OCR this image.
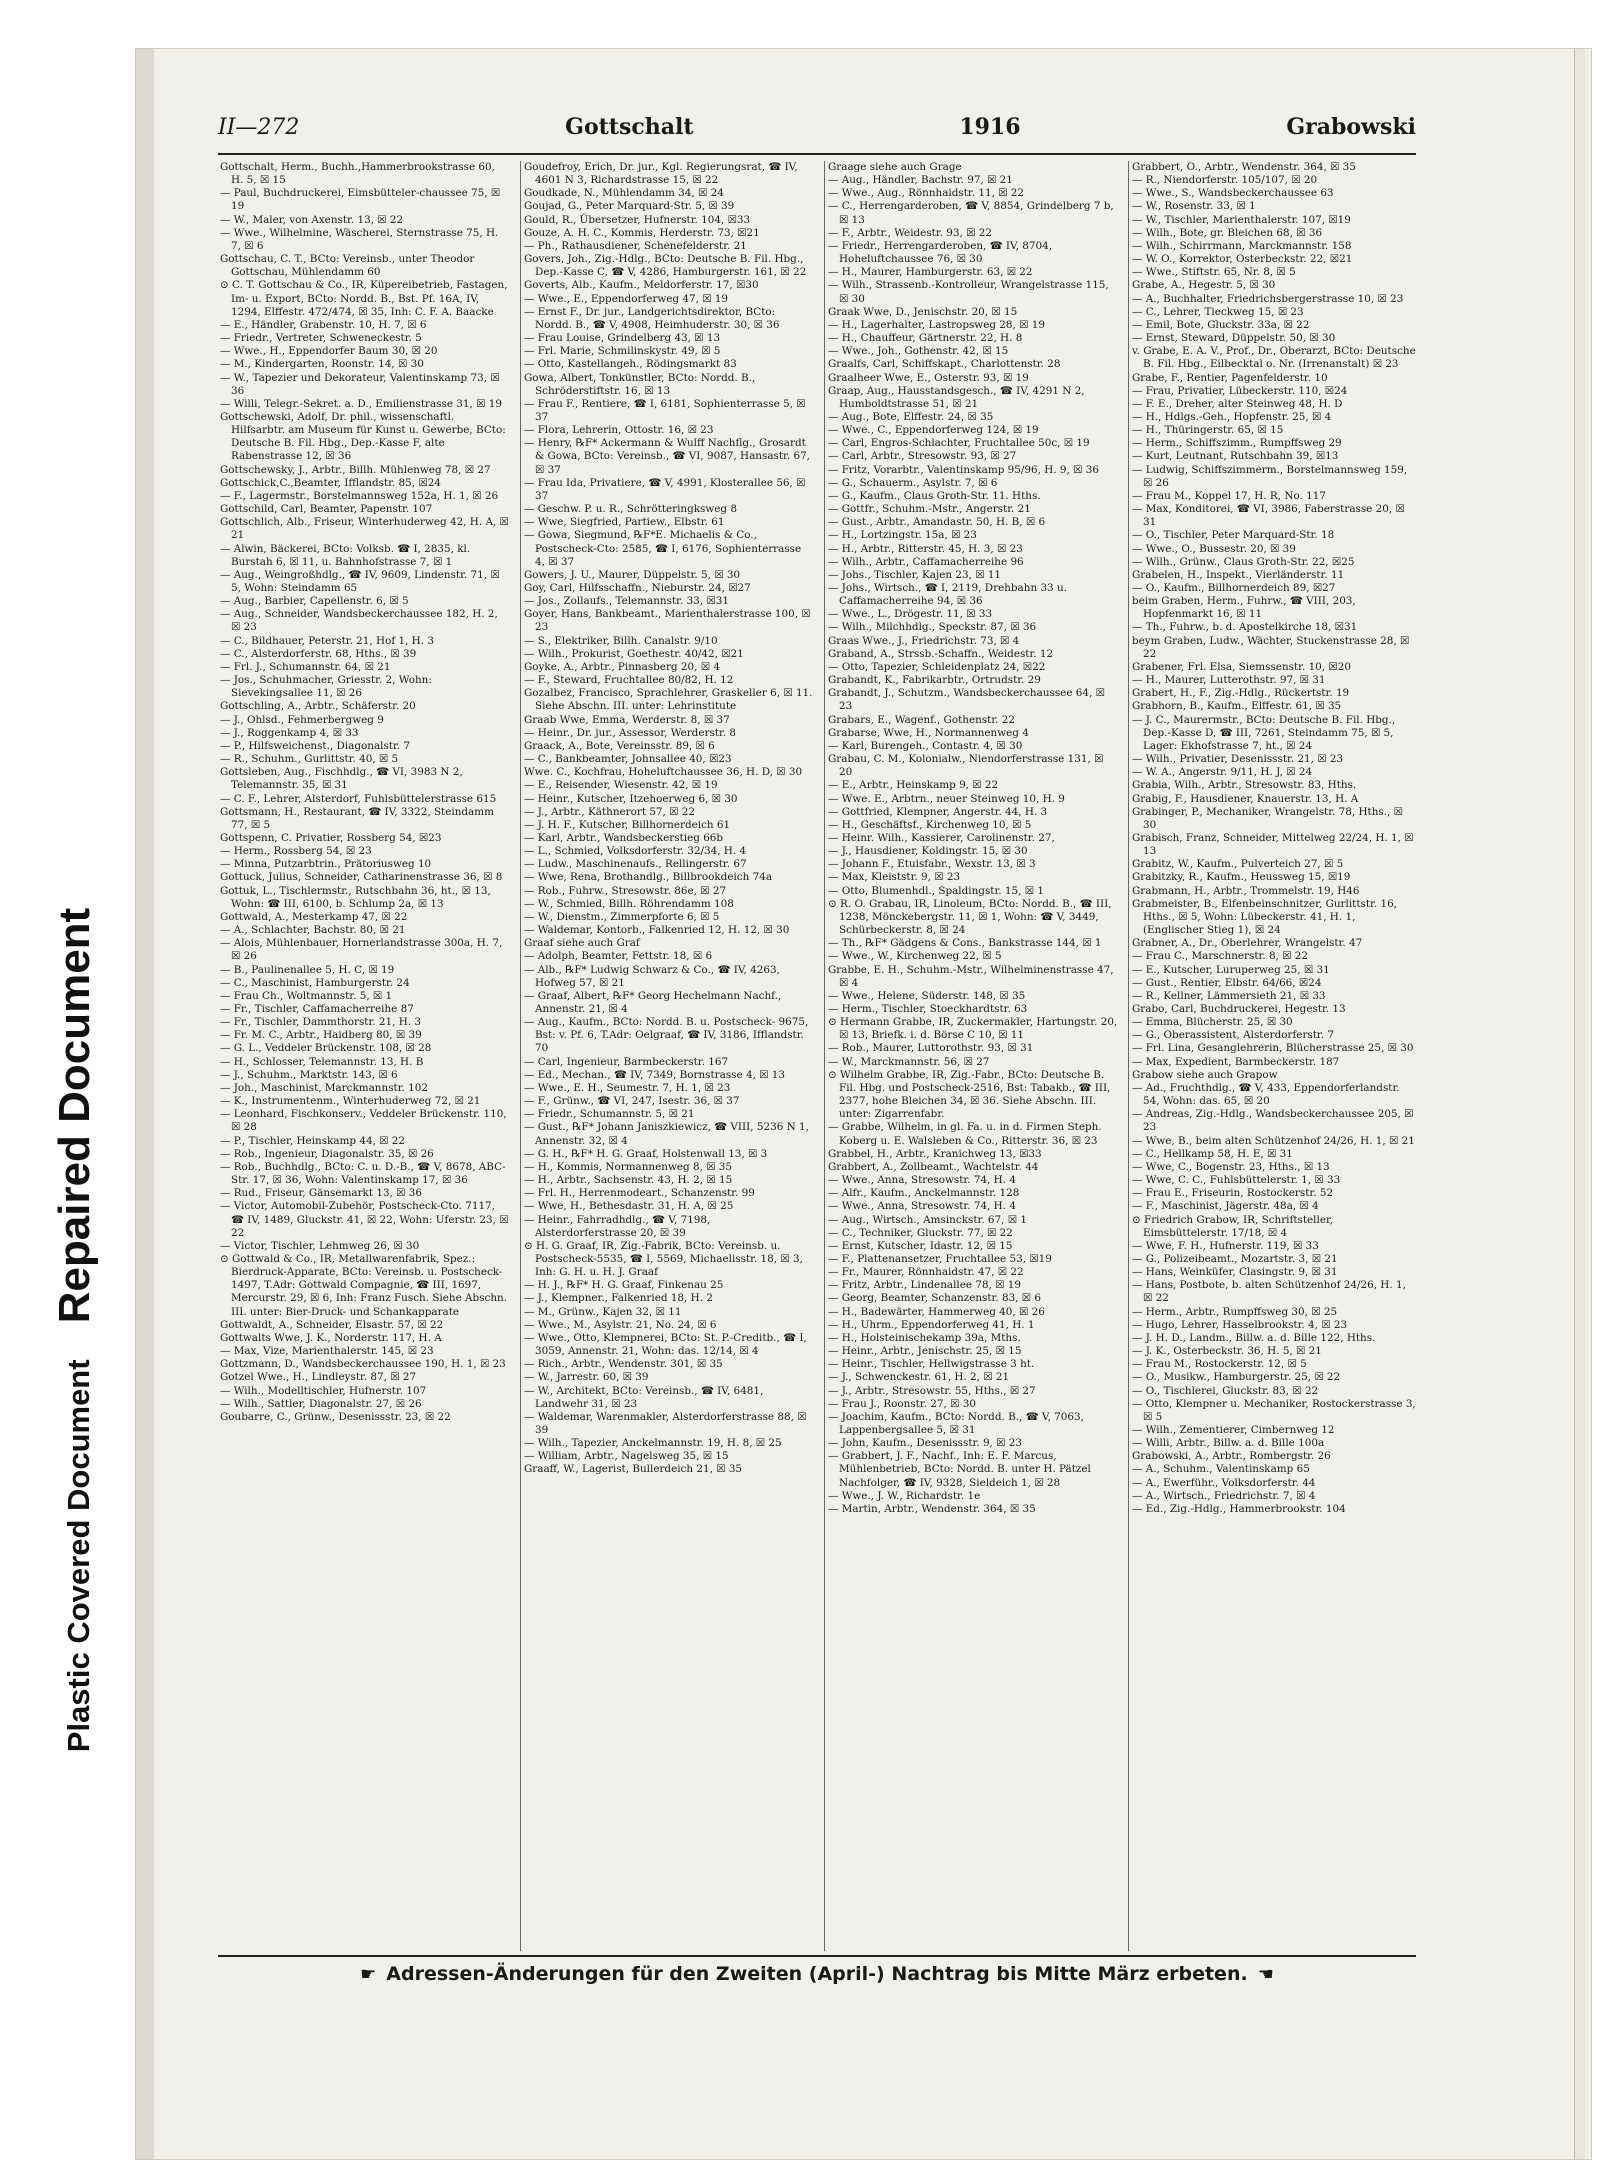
Plastic Covered DocumentRepaired Document
II—272	Gottschalt	1916	Grabowski

Gottschalt, Herm., Buchh.,Hammerbrookstrasse 60, H. 5, ☒ 15

— Paul, Buchdruckerei, Eimsbütteler-chaussee 75, ☒ 19

— W., Maler, von Axenstr. 13, ☒ 22

— Wwe., Wilhelmine, Wäscherei, Sternstrasse 75, H. 7, ☒ 6

Gottschau, C. T., BCto: Vereinsb., unter Theodor Gottschau, Mühlendamm 60

⊙ C. T. Gottschau & Co., IR, Küpereibetrieb, Fastagen, Im- u. Export, BCto: Nordd. B., Bst. Pf. 16A, IV, 1294, Elffestr. 472/474, ☒ 35, Inh: C. F. A. Baacke

— E., Händler, Grabenstr. 10, H. 7, ☒ 6

— Friedr., Vertreter, Schweneckestr. 5

— Wwe., H., Eppendorfer Baum 30, ☒ 20

— M., Kindergarten, Roonstr. 14, ☒ 30

— W., Tapezier und Dekorateur, Valentinskamp 73, ☒ 36

— Willi, Telegr.-Sekret. a. D., Emilienstrasse 31, ☒ 19

Gottschewski, Adolf, Dr. phil., wissenschaftl. Hilfsarbtr. am Museum für Kunst u. Gewerbe, BCto: Deutsche B. Fil. Hbg., Dep.-Kasse F, alte Rabenstrasse 12, ☒ 36

Gottschewsky, J., Arbtr., Billh. Mühlenweg 78, ☒ 27

Gottschick,C.,Beamter, Ifflandstr. 85, ☒24

— F., Lagermstr., Borstelmannsweg 152a, H. 1, ☒ 26

Gottschild, Carl, Beamter, Papenstr. 107

Gottschlich, Alb., Friseur, Winterhuderweg 42, H. A, ☒ 21

— Alwin, Bäckerei, BCto: Volksb. ☎ I, 2835, kl. Burstah 6, ☒ 11, u. Bahnhofstrasse 7, ☒ 1

— Aug., Weingroßhdlg., ☎ IV, 9609, Lindenstr. 71, ☒ 5, Wohn: Steindamm 65

— Aug., Barbier, Capellenstr. 6, ☒ 5

— Aug., Schneider, Wandsbeckerchaussee 182, H. 2, ☒ 23

— C., Bildhauer, Peterstr. 21, Hof 1, H. 3

— C., Alsterdorferstr. 68, Hths., ☒ 39

— Frl. J., Schumannstr. 64, ☒ 21

— Jos., Schuhmacher, Griesstr. 2, Wohn: Sievekingsallee 11, ☒ 26

Gottschling, A., Arbtr., Schäferstr. 20

— J., Ohlsd., Fehmerbergweg 9

— J., Roggenkamp 4, ☒ 33

— P., Hilfsweichenst., Diagonalstr. 7

— R., Schuhm., Gurlittstr. 40, ☒ 5

Gottsleben, Aug., Fischhdlg., ☎ VI, 3983 N 2, Telemannstr. 35, ☒ 31

— C. F., Lehrer, Alsterdorf, Fuhlsbüttelerstrasse 615

Gottsmann, H., Restaurant, ☎ IV, 3322, Steindamm 77, ☒ 5

Gottspenn, C. Privatier, Rossberg 54, ☒23

— Herm., Rossberg 54, ☒ 23

— Minna, Putzarbtrin., Prätoriusweg 10

Gottuck, Julius, Schneider, Catharinenstrasse 36, ☒ 8

Gottuk, L., Tischlermstr., Rutschbahn 36, ht., ☒ 13, Wohn: ☎ III, 6100, b. Schlump 2a, ☒ 13

Gottwald, A., Mesterkamp 47, ☒ 22

— A., Schlachter, Bachstr. 80, ☒ 21

— Alois, Mühlenbauer, Hornerlandstrasse 300a, H. 7, ☒ 26

— B., Paulinenallee 5, H. C, ☒ 19

— C., Maschinist, Hamburgerstr. 24

— Frau Ch., Woltmannstr. 5, ☒ 1

— Fr., Tischler, Caffamacherreihe 87

— Fr., Tischler, Dammthorstr. 21, H. 3

— Fr. M. C., Arbtr., Haidberg 80, ☒ 39

— G. L., Veddeler Brückenstr. 108, ☒ 28

— H., Schlosser, Telemannstr. 13, H. B

— J., Schuhm., Marktstr. 143, ☒ 6

— Joh., Maschinist, Marckmannstr. 102

— K., Instrumentenm., Winterhuderweg 72, ☒ 21

— Leonhard, Fischkonserv., Veddeler Brückenstr. 110, ☒ 28

— P., Tischler, Heinskamp 44, ☒ 22

— Rob., Ingenieur, Diagonalstr. 35, ☒ 26

— Rob., Buchhdlg., BCto: C. u. D.-B., ☎ V, 8678, ABC-Str. 17, ☒ 36, Wohn: Valentinskamp 17, ☒ 36

— Rud., Friseur, Gänsemarkt 13, ☒ 36

— Victor, Automobil-Zubehör, Postscheck-Cto. 7117, ☎ IV, 1489, Gluckstr. 41, ☒ 22, Wohn: Uferstr. 23, ☒ 22

— Victor, Tischler, Lehmweg 26, ☒ 30

⊙ Gottwald & Co., IR, Metallwarenfabrik, Spez.: Bierdruck-Apparate, BCto: Vereinsb. u. Postscheck-1497, T.Adr: Gottwald Compagnie, ☎ III, 1697, Mercurstr. 29, ☒ 6, Inh: Franz Fusch. Siehe Abschn. III. unter: Bier-Druck- und Schankapparate

Gottwaldt, A., Schneider, Elsastr. 57, ☒ 22

Gottwalts Wwe, J. K., Norderstr. 117, H. A

— Max, Vize, Marienthalerstr. 145, ☒ 23

Gottzmann, D., Wandsbeckerchaussee 190, H. 1, ☒ 23

Gotzel Wwe., H., Lindleystr. 87, ☒ 27

— Wilh., Modelltischler, Hufnerstr. 107

— Wilh., Sattler, Diagonalstr. 27, ☒ 26

Goubarre, C., Grünw., Desenissstr. 23, ☒ 22

Goudefroy, Erich, Dr. jur., Kgl. Regierungsrat, ☎ IV, 4601 N 3, Richardstrasse 15, ☒ 22

Goudkade, N., Mühlendamm 34, ☒ 24

Goujad, G., Peter Marquard-Str. 5, ☒ 39

Gould, R., Übersetzer, Hufnerstr. 104, ☒33

Gouze, A. H. C., Kommis, Herderstr. 73, ☒21

— Ph., Rathausdiener, Schenefelderstr. 21

Govers, Joh., Zig.-Hdlg., BCto: Deutsche B. Fil. Hbg., Dep.-Kasse C, ☎ V, 4286, Hamburgerstr. 161, ☒ 22

Goverts, Alb., Kaufm., Meldorferstr. 17, ☒30

— Wwe., E., Eppendorferweg 47, ☒ 19

— Ernst F., Dr. jur., Landgerichtsdirektor, BCto: Nordd. B., ☎ V, 4908, Heimhuderstr. 30, ☒ 36

— Frau Louise, Grindelberg 43, ☒ 13

— Frl. Marie, Schmilinskystr. 49, ☒ 5

— Otto, Kastellangeh., Rödingsmarkt 83

Gowa, Albert, Tonkünstler, BCto: Nordd. B., Schröderstiftstr. 16, ☒ 13

— Frau F., Rentiere, ☎ I, 6181, Sophienterrasse 5, ☒ 37

— Flora, Lehrerin, Ottostr. 16, ☒ 23

— Henry, ℞F* Ackermann & Wulff Nachflg., Grosardt & Gowa, BCto: Vereinsb., ☎ VI, 9087, Hansastr. 67, ☒ 37

— Frau Ida, Privatiere, ☎ V, 4991, Klosterallee 56, ☒ 37

— Geschw. P. u. R., Schrötteringksweg 8

— Wwe, Siegfried, Partiew., Elbstr. 61

— Gowa, Siegmund, ℞F*E. Michaelis & Co., Postscheck-Cto: 2585, ☎ I, 6176, Sophienterrasse 4, ☒ 37

Gowers, J. U., Maurer, Düppelstr. 5, ☒ 30

Goy, Carl, Hilfsschaffn., Nieburstr. 24, ☒27

— Jos., Zollaufs., Telemannstr. 33, ☒31

Goyer, Hans, Bankbeamt., Marienthalerstrasse 100, ☒ 23

— S., Elektriker, Billh. Canalstr. 9/10

— Wilh., Prokurist, Goethestr. 40/42, ☒21

Goyke, A., Arbtr., Pinnasberg 20, ☒ 4

— F., Steward, Fruchtallee 80/82, H. 12

Gozalbez, Francisco, Sprachlehrer, Graskeller 6, ☒ 11. Siehe Abschn. III. unter: Lehrinstitute

Graab Wwe, Emma, Werderstr. 8, ☒ 37

— Heinr., Dr. jur., Assessor, Werderstr. 8

Graack, A., Bote, Vereinsstr. 89, ☒ 6

— C., Bankbeamter, Johnsallee 40, ☒23

Wwe. C., Kochfrau, Hoheluftchaussee 36, H. D, ☒ 30

— E., Reisender, Wiesenstr. 42, ☒ 19

— Heinr., Kutscher, Itzehoerweg 6, ☒ 30

— J., Arbtr., Käthnerort 57, ☒ 22

— J. H. F., Kutscher, Billhornerdeich 61

— Karl, Arbtr., Wandsbeckerstieg 66b

— L., Schmied, Volksdorferstr. 32/34, H. 4

— Ludw., Maschinenaufs., Rellingerstr. 67

— Wwe, Rena, Brothandlg., Billbrookdeich 74a

— Rob., Fuhrw., Stresowstr. 86e, ☒ 27

— W., Schmied, Billh. Röhrendamm 108

— W., Dienstm., Zimmerpforte 6, ☒ 5

— Waldemar, Kontorb., Falkenried 12, H. 12, ☒ 30

Graaf siehe auch Graf

— Adolph, Beamter, Fettstr. 18, ☒ 6

— Alb., ℞F* Ludwig Schwarz & Co., ☎ IV, 4263, Hofweg 57, ☒ 21

— Graaf, Albert, ℞F* Georg Hechelmann Nachf., Annenstr. 21, ☒ 4

— Aug., Kaufm., BCto: Nordd. B. u. Postscheck- 9675, Bst: v. Pf. 6, T.Adr: Oelgraaf, ☎ IV, 3186, Ifflandstr. 70

— Carl, Ingenieur, Barmbeckerstr. 167

— Ed., Mechan., ☎ IV, 7349, Bornstrasse 4, ☒ 13

— Wwe., E. H., Seumestr. 7, H. 1, ☒ 23

— F., Grünw., ☎ VI, 247, Isestr. 36, ☒ 37

— Friedr., Schumannstr. 5, ☒ 21

— Gust., ℞F* Johann Janiszkiewicz, ☎ VIII, 5236 N 1, Annenstr. 32, ☒ 4

— G. H., ℞F* H. G. Graaf, Holstenwall 13, ☒ 3

— H., Kommis, Normannenweg 8, ☒ 35

— H., Arbtr., Sachsenstr. 43, H. 2, ☒ 15

— Frl. H., Herrenmodeart., Schanzenstr. 99

— Wwe, H., Bethesdastr. 31, H. A, ☒ 25

— Heinr., Fahrradhdlg., ☎ V, 7198, Alsterdorferstrasse 20, ☒ 39

⊙ H. G. Graaf, IR, Zig.-Fabrik, BCto: Vereinsb. u. Postscheck-5535, ☎ I, 5569, Michaelisstr. 18, ☒ 3, Inh: G. H. u. H. J. Graaf

— H. J., ℞F* H. G. Graaf, Finkenau 25

— J., Klempner., Falkenried 18, H. 2

— M., Grünw., Kajen 32, ☒ 11

— Wwe., M., Asylstr. 21, No. 24, ☒ 6

— Wwe., Otto, Klempnerei, BCto: St. P.-Creditb., ☎ I, 3059, Annenstr. 21, Wohn: das. 12/14, ☒ 4

— Rich., Arbtr., Wendenstr. 301, ☒ 35

— W., Jarrestr. 60, ☒ 39

— W., Architekt, BCto: Vereinsb., ☎ IV, 6481, Landwehr 31, ☒ 23

— Waldemar, Warenmakler, Alsterdorferstrasse 88, ☒ 39

— Wilh., Tapezier, Anckelmannstr. 19, H. 8, ☒ 25

— William, Arbtr., Nagelsweg 35, ☒ 15

Graaff, W., Lagerist, Bullerdeich 21, ☒ 35

Graage siehe auch Grage

— Aug., Händler, Bachstr. 97, ☒ 21

— Wwe., Aug., Rönnhaidstr. 11, ☒ 22

— C., Herrengarderoben, ☎ V, 8854, Grindelberg 7 b, ☒ 13

— F., Arbtr., Weidestr. 93, ☒ 22

— Friedr., Herrengarderoben, ☎ IV, 8704, Hoheluftchaussee 76, ☒ 30

— H., Maurer, Hamburgerstr. 63, ☒ 22

— Wilh., Strassenb.-Kontrolleur, Wrangelstrasse 115, ☒ 30

Graak Wwe, D., Jenischstr. 20, ☒ 15

— H., Lagerhalter, Lastropsweg 28, ☒ 19

— H., Chauffeur, Gärtnerstr. 22, H. 8

— Wwe., Joh., Gothenstr. 42, ☒ 15

Graalfs, Carl, Schiffskapt., Charlottenstr. 28

Graalheer Wwe, E., Osterstr. 93, ☒ 19

Graap, Aug., Hausstandsgesch., ☎ IV, 4291 N 2, Humboldtstrasse 51, ☒ 21

— Aug., Bote, Elffestr. 24, ☒ 35

— Wwe., C., Eppendorferweg 124, ☒ 19

— Carl, Engros-Schlachter, Fruchtallee 50c, ☒ 19

— Carl, Arbtr., Stresowstr. 93, ☒ 27

— Fritz, Vorarbtr., Valentinskamp 95/96, H. 9, ☒ 36

— G., Schauerm., Asylstr. 7, ☒ 6

— G., Kaufm., Claus Groth-Str. 11. Hths.

— Gottfr., Schuhm.-Mstr., Angerstr. 21

— Gust., Arbtr., Amandastr. 50, H. B, ☒ 6

— H., Lortzingstr. 15a, ☒ 23

— H., Arbtr., Ritterstr. 45, H. 3, ☒ 23

— Wilh., Arbtr., Caffamacherreihe 96

— Johs., Tischler, Kajen 23, ☒ 11

— Johs., Wirtsch., ☎ I, 2119, Drehbahn 33 u. Caffamacherreihe 94, ☒ 36

— Wwe., L., Drögestr. 11, ☒ 33

— Wilh., Milchhdlg., Speckstr. 87, ☒ 36

Graas Wwe., J., Friedrichstr. 73, ☒ 4

Graband, A., Strssb.-Schaffn., Weidestr. 12

— Otto, Tapezier, Schleidenplatz 24, ☒22

Grabandt, K., Fabrikarbtr., Ortrudstr. 29

Grabandt, J., Schutzm., Wandsbeckerchaussee 64, ☒ 23

Grabars, E., Wagenf., Gothenstr. 22

Grabarse, Wwe, H., Normannenweg 4

— Karl, Burengeh., Contastr. 4, ☒ 30

Grabau, C. M., Kolonialw., Niendorferstrasse 131, ☒ 20

— E., Arbtr., Heinskamp 9, ☒ 22

— Wwe. E., Arbtrn., neuer Steinweg 10, H. 9

— Gottfried, Klempner, Angerstr. 44, H. 3

— H., Geschäftsf., Kirchenweg 10, ☒ 5

— Heinr. Wilh., Kassierer, Carolinenstr. 27,

— J., Hausdiener, Koldingstr. 15, ☒ 30

— Johann F., Etuisfabr., Wexstr. 13, ☒ 3

— Max, Kleiststr. 9, ☒ 23

— Otto, Blumenhdl., Spaldingstr. 15, ☒ 1

⊙ R. O. Grabau, IR, Linoleum, BCto: Nordd. B., ☎ III, 1238, Mönckebergstr. 11, ☒ 1, Wohn: ☎ V, 3449, Schürbeckerstr. 8, ☒ 24

— Th., ℞F* Gädgens & Cons., Bankstrasse 144, ☒ 1

— Wwe., W., Kirchenweg 22, ☒ 5

Grabbe, E. H., Schuhm.-Mstr., Wilhelminenstrasse 47, ☒ 4

— Wwe., Helene, Süderstr. 148, ☒ 35

— Herm., Tischler, Stoeckhardtstr. 63

⊙ Hermann Grabbe, IR, Zuckermakler, Hartungstr. 20, ☒ 13, Briefk. i. d. Börse C 10, ☒ 11

— Rob., Maurer, Luttorothstr. 93, ☒ 31

— W., Marckmannstr. 56, ☒ 27

⊙ Wilhelm Grabbe, IR, Zig.-Fabr., BCto: Deutsche B. Fil. Hbg. und Postscheck-2516, Bst: Tabakb., ☎ III, 2377, hohe Bleichen 34, ☒ 36. Siehe Abschn. III. unter: Zigarrenfabr.

— Grabbe, Wilhelm, in gl. Fa. u. in d. Firmen Steph. Koberg u. E. Walsleben & Co., Ritterstr. 36, ☒ 23

Grabbel, H., Arbtr., Kranichweg 13, ☒33

Grabbert, A., Zollbeamt., Wachtelstr. 44

— Wwe., Anna, Stresowstr. 74, H. 4

— Alfr., Kaufm., Anckelmannstr. 128

— Wwe., Anna, Stresowstr. 74, H. 4

— Aug., Wirtsch., Amsinckstr. 67, ☒ 1

— C., Techniker, Gluckstr. 77, ☒ 22

— Ernst, Kutscher, Idastr. 12, ☒ 15

— F., Plattenansetzer, Fruchtallee 53, ☒19

— Fr., Maurer, Rönnhaidstr. 47, ☒ 22

— Fritz, Arbtr., Lindenallee 78, ☒ 19

— Georg, Beamter, Schanzenstr. 83, ☒ 6

— H., Badewärter, Hammerweg 40, ☒ 26

— H., Uhrm., Eppendorferweg 41, H. 1

— H., Holsteinischekamp 39a, Mths.

— Heinr., Arbtr., Jenischstr. 25, ☒ 15

— Heinr., Tischler, Hellwigstrasse 3 ht.

— J., Schwenckestr. 61, H. 2, ☒ 21

— J., Arbtr., Stresowstr. 55, Hths., ☒ 27

— Frau J., Roonstr. 27, ☒ 30

— Joachim, Kaufm., BCto: Nordd. B., ☎ V, 7063, Lappenbergsallee 5, ☒ 31

— John, Kaufm., Desenissstr. 9, ☒ 23

— Grabbert, J. F., Nachf., Inh: E. F. Marcus, Mühlenbetrieb, BCto: Nordd. B. unter H. Pätzel Nachfolger, ☎ IV, 9328, Sieldeich 1, ☒ 28

— Wwe., J. W., Richardstr. 1e

— Martin, Arbtr., Wendenstr. 364, ☒ 35

Grabbert, O., Arbtr., Wendenstr. 364, ☒ 35

— R., Niendorferstr. 105/107, ☒ 20

— Wwe., S., Wandsbeckerchaussee 63

— W., Rosenstr. 33, ☒ 1

— W., Tischler, Marienthalerstr. 107, ☒19

— Wilh., Bote, gr. Bleichen 68, ☒ 36

— Wilh., Schirrmann, Marckmannstr. 158

— W. O., Korrektor, Osterbeckstr. 22, ☒21

— Wwe., Stiftstr. 65, Nr. 8, ☒ 5

Grabe, A., Hegestr. 5, ☒ 30

— A., Buchhalter, Friedrichsbergerstrasse 10, ☒ 23

— C., Lehrer, Tieckweg 15, ☒ 23

— Emil, Bote, Gluckstr. 33a, ☒ 22

— Ernst, Steward, Düppelstr. 50, ☒ 30

v. Grabe, E. A. V., Prof., Dr., Oberarzt, BCto: Deutsche B. Fil. Hbg., Eilbecktal o. Nr. (Irrenanstalt) ☒ 23

Grabe, F., Rentier, Pagenfelderstr. 10

— Frau, Privatier, Lübeckerstr. 110, ☒24

— F. E., Dreher, alter Steinweg 48, H. D

— H., Hdlgs.-Geh., Hopfenstr. 25, ☒ 4

— H., Thüringerstr. 65, ☒ 15

— Herm., Schiffszimm., Rumpffsweg 29

— Kurt, Leutnant, Rutschbahn 39, ☒13

— Ludwig, Schiffszimmerm., Borstelmannsweg 159, ☒ 26

— Frau M., Koppel 17, H. R, No. 117

— Max, Konditorei, ☎ VI, 3986, Faberstrasse 20, ☒ 31

— O., Tischler, Peter Marquard-Str. 18

— Wwe., O., Bussestr. 20, ☒ 39

— Wilh., Grünw., Claus Groth-Str. 22, ☒25

Grabelen, H., Inspekt., Vierländerstr. 11

— O., Kaufm., Billhornerdeich 89, ☒27

beim Graben, Herm., Fuhrw., ☎ VIII, 203, Hopfenmarkt 16, ☒ 11

— Th., Fuhrw., b. d. Apostelkirche 18, ☒31

beym Graben, Ludw., Wächter, Stuckenstrasse 28, ☒ 22

Grabener, Frl. Elsa, Siemssenstr. 10, ☒20

— H., Maurer, Lutterothstr. 97, ☒ 31

Grabert, H., F., Zig.-Hdlg., Rückertstr. 19

Grabhorn, B., Kaufm., Elffestr. 61, ☒ 35

— J. C., Maurermstr., BCto: Deutsche B. Fil. Hbg., Dep.-Kasse D, ☎ III, 7261, Steindamm 75, ☒ 5, Lager: Ekhofstrasse 7, ht., ☒ 24

— Wilh., Privatier, Desenissstr. 21, ☒ 23

— W. A., Angerstr. 9/11, H. J, ☒ 24

Grabia, Wilh., Arbtr., Stresowstr. 83, Hths.

Grabig, F., Hausdiener, Knauerstr. 13, H. A

Grabinger, P., Mechaniker, Wrangelstr. 78, Hths., ☒ 30

Grabisch, Franz, Schneider, Mittelweg 22/24, H. 1, ☒ 13

Grabitz, W., Kaufm., Pulverteich 27, ☒ 5

Grabitzky, R., Kaufm., Heussweg 15, ☒19

Grabmann, H., Arbtr., Trommelstr. 19, H46

Grabmeister, B., Elfenbeinschnitzer, Gurlittstr. 16, Hths., ☒ 5, Wohn: Lübeckerstr. 41, H. 1, (Englischer Stieg 1), ☒ 24

Grabner, A., Dr., Oberlehrer, Wrangelstr. 47

— Frau C., Marschnerstr. 8, ☒ 22

— E., Kutscher, Luruperweg 25, ☒ 31

— Gust., Rentier, Elbstr. 64/66, ☒24

— R., Kellner, Lämmersieth 21, ☒ 33

Grabo, Carl, Buchdruckerei, Hegestr. 13

— Emma, Blücherstr. 25, ☒ 30

— G., Oberassistent, Alsterdorferstr. 7

— Frl. Lina, Gesanglehrerin, Blücherstrasse 25, ☒ 30

— Max, Expedient, Barmbeckerstr. 187

Grabow siehe auch Grapow

— Ad., Fruchthdlg., ☎ V, 433, Eppendorferlandstr. 54, Wohn: das. 65, ☒ 20

— Andreas, Zig.-Hdlg., Wandsbeckerchaussee 205, ☒ 23

— Wwe, B., beim alten Schützenhof 24/26, H. 1, ☒ 21

— C., Hellkamp 58, H. E, ☒ 31

— Wwe, C., Bogenstr. 23, Hths., ☒ 13

— Wwe, C. C., Fuhlsbüttelerstr. 1, ☒ 33

— Frau E., Friseurin, Rostockerstr. 52

— F., Maschinist, Jägerstr. 48a, ☒ 4

⊙ Friedrich Grabow, IR, Schriftsteller, Eimsbüttelerstr. 17/18, ☒ 4

— Wwe, F. H., Hufnerstr. 119, ☒ 33

— G., Polizeibeamt., Mozartstr. 3, ☒ 21

— Hans, Weinküfer, Clasingstr. 9, ☒ 31

— Hans, Postbote, b. alten Schützenhof 24/26, H. 1, ☒ 22

— Herm., Arbtr., Rumpffsweg 30, ☒ 25

— Hugo, Lehrer, Hasselbrookstr. 4, ☒ 23

— J. H. D., Landm., Billw. a. d. Bille 122, Hths.

— J. K., Osterbeckstr. 36, H. 5, ☒ 21

— Frau M., Rostockerstr. 12, ☒ 5

— O., Musikw., Hamburgerstr. 25, ☒ 22

— O., Tischlerei, Gluckstr. 83, ☒ 22

— Otto, Klempner u. Mechaniker, Rostockerstrasse 3, ☒ 5

— Wilh., Zementierer, Cimbernweg 12

— Willi, Arbtr., Billw. a. d. Bille 100a

Grabowski, A., Arbtr., Rombergstr. 26

— A., Schuhm., Valentinskamp 65

— A., Ewerführ., Volksdorferstr. 44

— A., Wirtsch., Friedrichstr. 7, ☒ 4

— Ed., Zig.-Hdlg., Hammerbrookstr. 104

☛ Adressen-Änderungen für den Zweiten (April-) Nachtrag bis Mitte März erbeten. ☚
